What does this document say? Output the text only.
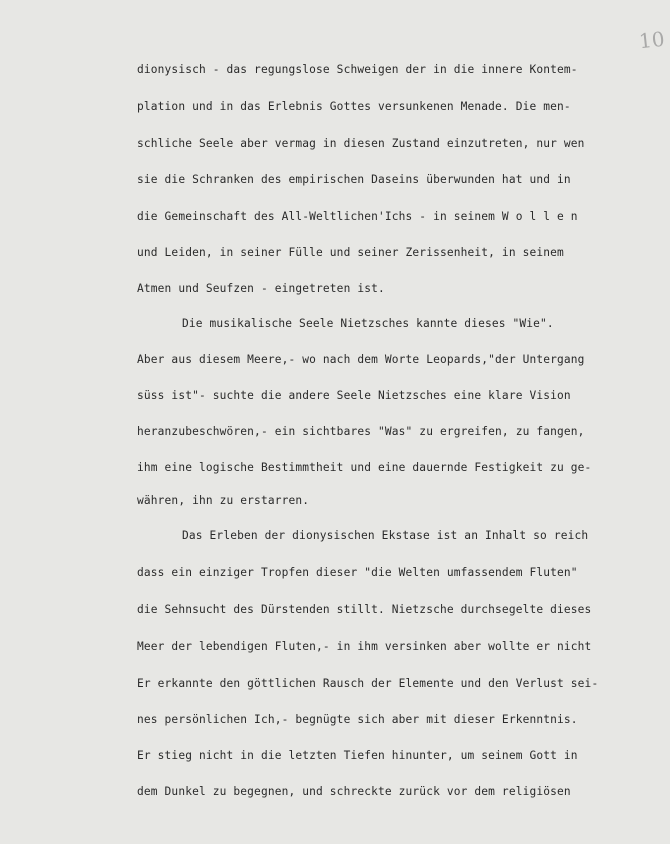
10
dionysisch - das regungslose Schweigen der in die innere Kontem-
plation und in das Erlebnis Gottes versunkenen Menade. Die men-
schliche Seele aber vermag in diesen Zustand einzutreten, nur wen
sie die Schranken des empirischen Daseins überwunden hat und in
die Gemeinschaft des All-Weltlichen'Ichs - in seinem W o l l e n
und Leiden, in seiner Fülle und seiner Zerissenheit, in seinem
Atmen und Seufzen - eingetreten ist.
Die musikalische Seele Nietzsches kannte dieses "Wie".
Aber aus diesem Meere,- wo nach dem Worte Leopards,"der Untergang
süss ist"- suchte die andere Seele Nietzsches eine klare Vision
heranzubeschwören,- ein sichtbares "Was" zu ergreifen, zu fangen,
ihm eine logische Bestimmtheit und eine dauernde Festigkeit zu ge-
währen, ihn zu erstarren.
Das Erleben der dionysischen Ekstase ist an Inhalt so reich
dass ein einziger Tropfen dieser "die Welten umfassendem Fluten"
die Sehnsucht des Dürstenden stillt. Nietzsche durchsegelte dieses
Meer der lebendigen Fluten,- in ihm versinken aber wollte er nicht
Er erkannte den göttlichen Rausch der Elemente und den Verlust sei-
nes persönlichen Ich,- begnügte sich aber mit dieser Erkenntnis.
Er stieg nicht in die letzten Tiefen hinunter, um seinem Gott in
dem Dunkel zu begegnen, und schreckte zurück vor dem religiösen
